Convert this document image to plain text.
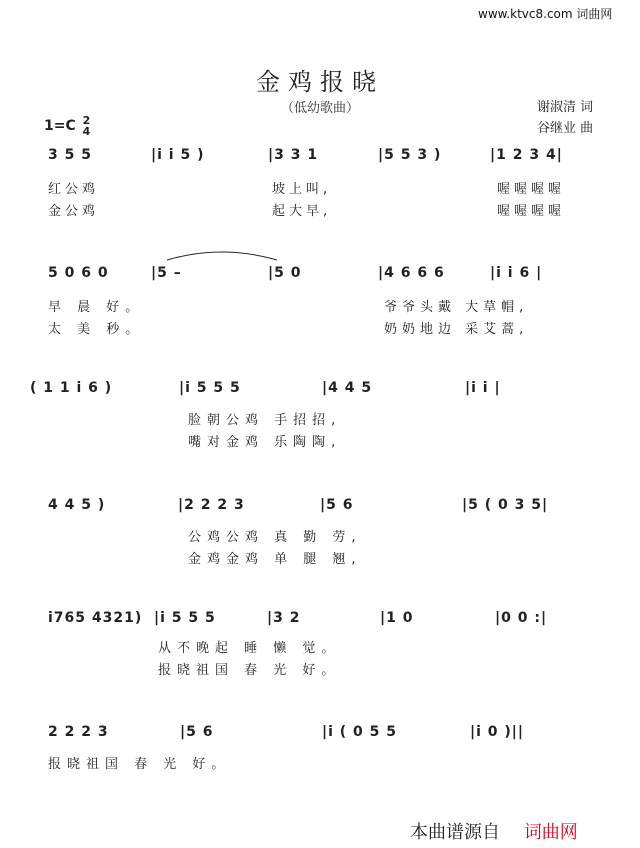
www.ktvc8.com 词曲网
金鸡报晓
（低幼歌曲）	谢淑清 词
谷继业 曲
1=C 2
4
3 5 5	|i i 5 )	|3 3 1	|5 5 3 )	|1 2 3 4|
红公鸡	坡上叫,	喔喔喔喔
金公鸡	起大早,	喔喔喔喔
5 0 6 0	|5 –	|5 0	|4 6 6 6	|i i 6 |
早 晨 好。	爷爷头戴 大草帽,
太 美 秒。	奶奶地边 采艾蒿,
( 1 1 i 6 )	|i 5 5 5	|4 4 5	|i i |
脸朝公鸡 手招招,
嘴对金鸡 乐陶陶,
4 4 5 )	|2 2 2 3	|5 6	|5 ( 0 3 5|
公鸡公鸡 真 勤 劳,
金鸡金鸡 单 腿 翘,
i765 4321) |i 5 5 5	|3 2	|1 0	|0 0 :|
从不晚起 睡 懒 觉。
报晓祖国 春 光 好。
2 2 2 3	|5 6	|i ( 0 5 5	|i 0 )||
报晓祖国 春 光 好。
本曲谱源自 词曲网
